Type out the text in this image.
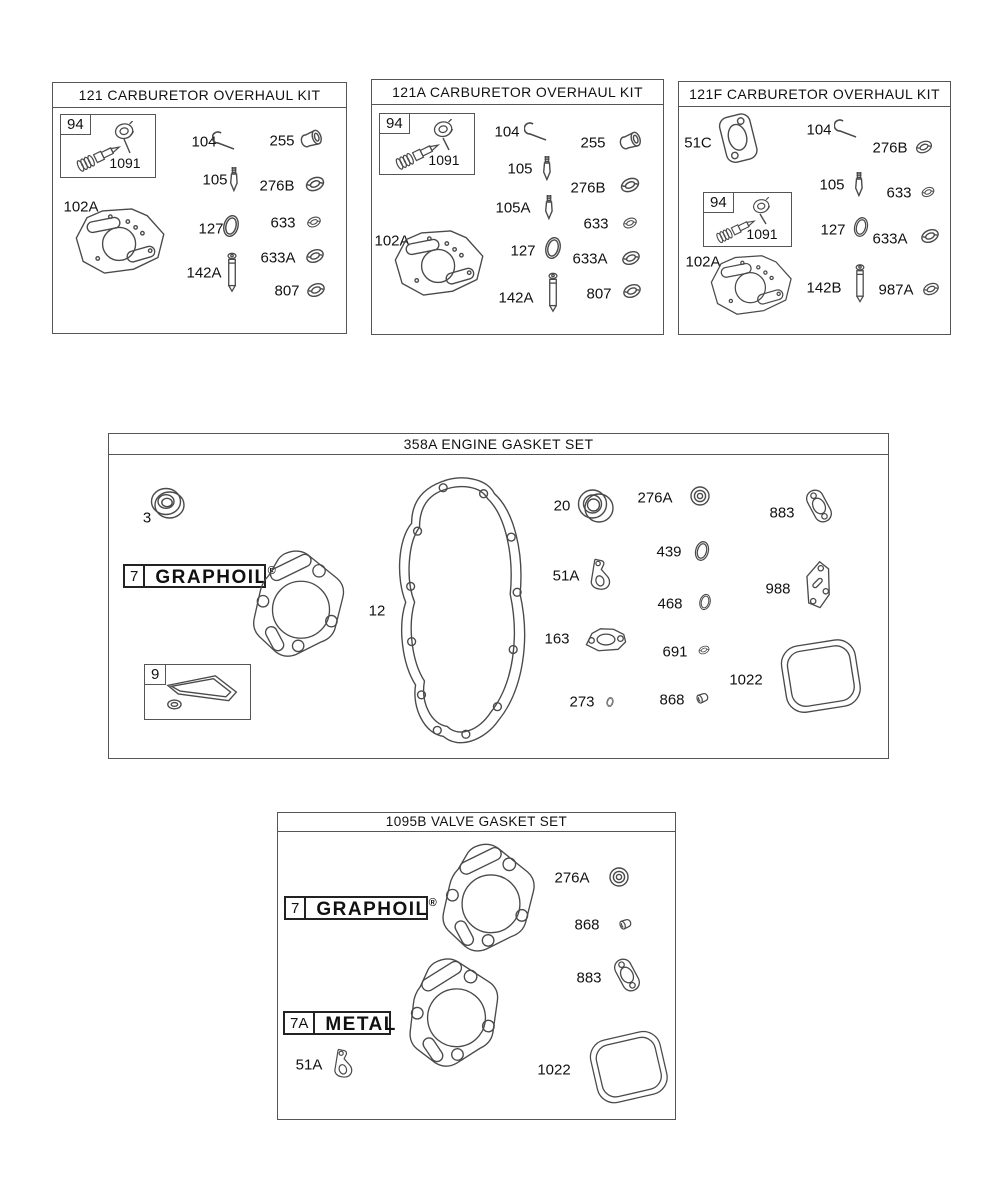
121 CARBURETOR OVERHAUL KIT
94
1091
102A
104
105
127
142A
255
276B
633
633A
807
121A CARBURETOR OVERHAUL KIT
94
1091
102A
104
105
105A
127
142A
255
276B
633
633A
807
121F CARBURETOR OVERHAUL KIT
51C
104
276B
105	633
94
1091	127
633A
102A
142B 987A
358A ENGINE GASKET SET
3
7 GRAPHOIL ®
9
12
20	276A
883
439
51A
988
468
163
691
1022
273	868
1095B VALVE GASKET SET
7 GRAPHOIL ®
7A METAL
51A
276A
868
883
1022
